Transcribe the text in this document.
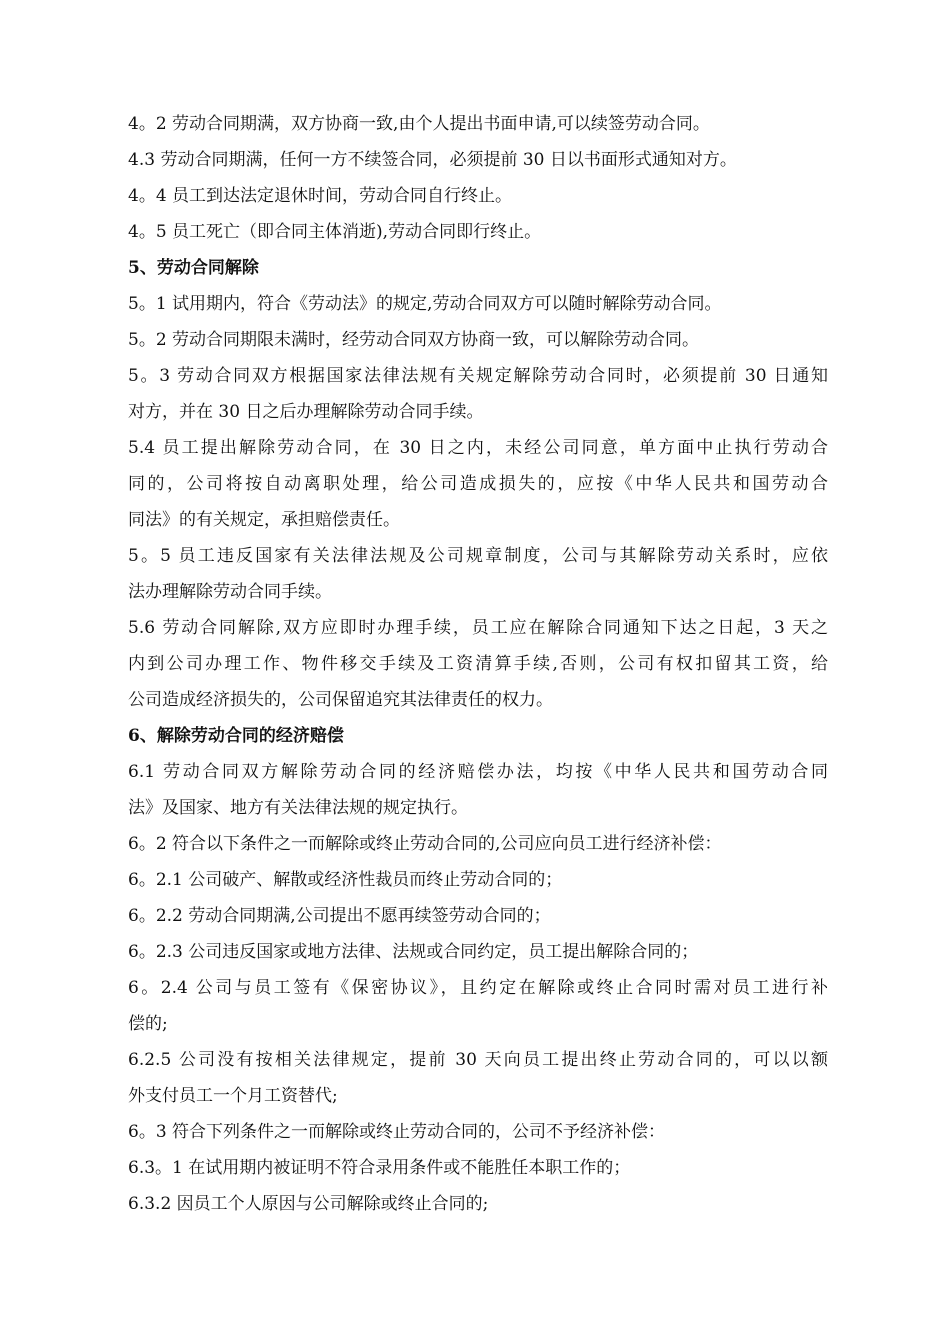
4。2 劳动合同期满，双方协商一致,由个人提出书面申请,可以续签劳动合同。
4.3 劳动合同期满，任何一方不续签合同，必须提前 30 日以书面形式通知对方。
4。4 员工到达法定退休时间，劳动合同自行终止。
4。5 员工死亡（即合同主体消逝),劳动合同即行终止。
5、劳动合同解除
5。1 试用期内，符合《劳动法》的规定,劳动合同双方可以随时解除劳动合同。
5。2 劳动合同期限未满时，经劳动合同双方协商一致，可以解除劳动合同。
5。3 劳动合同双方根据国家法律法规有关规定解除劳动合同时，必须提前 30 日通知
对方，并在 30 日之后办理解除劳动合同手续。
5.4 员工提出解除劳动合同，在 30 日之内，未经公司同意，单方面中止执行劳动合
同的，公司将按自动离职处理，给公司造成损失的，应按《中华人民共和国劳动合
同法》的有关规定，承担赔偿责任。
5。5 员工违反国家有关法律法规及公司规章制度，公司与其解除劳动关系时，应依
法办理解除劳动合同手续。
5.6 劳动合同解除,双方应即时办理手续，员工应在解除合同通知下达之日起，3 天之
内到公司办理工作、物件移交手续及工资清算手续,否则，公司有权扣留其工资，给
公司造成经济损失的，公司保留追究其法律责任的权力。
6、解除劳动合同的经济赔偿
6.1 劳动合同双方解除劳动合同的经济赔偿办法，均按《中华人民共和国劳动合同
法》及国家、地方有关法律法规的规定执行。
6。2 符合以下条件之一而解除或终止劳动合同的,公司应向员工进行经济补偿：
6。2.1 公司破产、解散或经济性裁员而终止劳动合同的；
6。2.2 劳动合同期满,公司提出不愿再续签劳动合同的；
6。2.3 公司违反国家或地方法律、法规或合同约定，员工提出解除合同的；
6。2.4 公司与员工签有《保密协议》，且约定在解除或终止合同时需对员工进行补
偿的;
6.2.5 公司没有按相关法律规定，提前 30 天向员工提出终止劳动合同的，可以以额
外支付员工一个月工资替代;
6。3 符合下列条件之一而解除或终止劳动合同的，公司不予经济补偿：
6.3。1 在试用期内被证明不符合录用条件或不能胜任本职工作的；
6.3.2 因员工个人原因与公司解除或终止合同的;
